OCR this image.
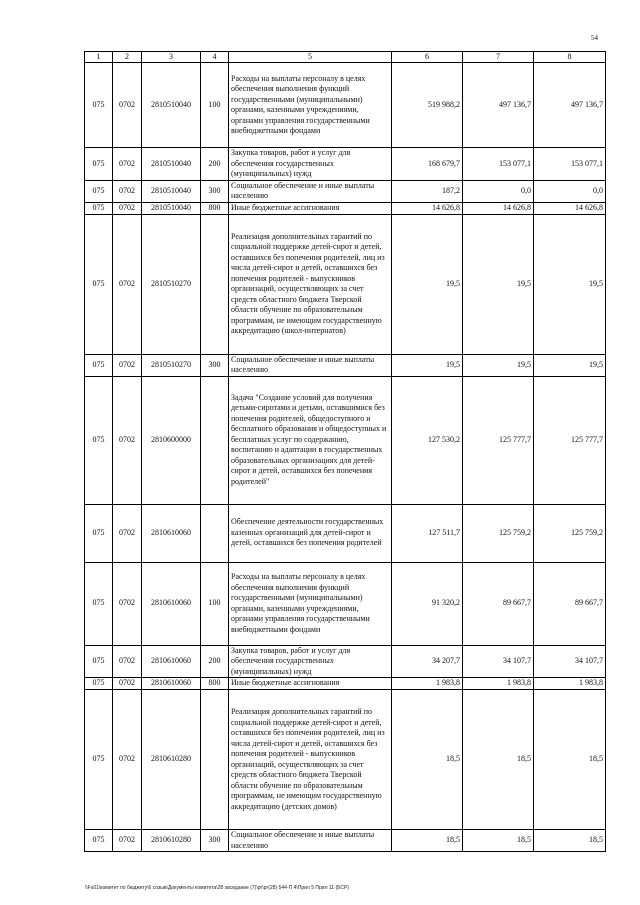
54
1	2	3	4	5	6	7	8
075	0702	2810510040	100	Расходы на выплаты персоналу в целях обеспечения выполнения функций государственными (муниципальными) органами, казенными учреждениями, органами управления государственными внебюджетными фондами	519 988,2	497 136,7	497 136,7
075	0702	2810510040	200	Закупка товаров, работ и услуг для обеспечения государственных (муниципальных) нужд	168 679,7	153 077,1	153 077,1
075	0702	2810510040	300	Социальное обеспечение и иные выплаты населению	187,2	0,0	0,0
075	0702	2810510040	800	Иные бюджетные ассигнования	14 626,8	14 626,8	14 626,8
075	0702	2810510270		Реализация дополнительных гарантий по социальной поддержке детей-сирот и детей, оставшихся без попечения родителей, лиц из числа детей-сирот и детей, оставшихся без попечения родителей - выпускников организаций, осуществляющих за счет средств областного бюджета Тверской области обучение по образовательным программам, не имеющим государственную аккредитацию (школ-интернатов)	19,5	19,5	19,5
075	0702	2810510270	300	Социальное обеспечение и иные выплаты населению	19,5	19,5	19,5
075	0702	2810600000		Задача "Создание условий для получения детьми-сиротами и детьми, оставшимися без попечения родителей, общедоступного и бесплатного образования и общедоступных и бесплатных услуг по содержанию, воспитанию и адаптации в государственных образовательных организациях для детей-сирот и детей, оставшихся без попечения родителей"	127 530,2	125 777,7	125 777,7
075	0702	2810610060		Обеспечение деятельности государственных казенных организаций для детей-сирот и детей, оставшихся без попечения родителей	127 511,7	125 759,2	125 759,2
075	0702	2810610060	100	Расходы на выплаты персоналу в целях обеспечения выполнения функций государственными (муниципальными) органами, казенными учреждениями, органами управления государственными внебюджетными фондами	91 320,2	89 667,7	89 667,7
075	0702	2810610060	200	Закупка товаров, работ и услуг для обеспечения государственных (муниципальных) нужд	34 207,7	34 107,7	34 107,7
075	0702	2810610060	800	Иные бюджетные ассигнования	1 983,8	1 983,8	1 983,8
075	0702	2810610280		Реализация дополнительных гарантий по социальной поддержке детей-сирот и детей, оставшихся без попечения родителей, лиц из числа детей-сирот и детей, оставшихся без попечения родителей - выпускников организаций, осуществляющих за счет средств областного бюджета Тверской области обучение по образовательным программам, не имеющим государственную аккредитацию (детских домов)	18,5	18,5	18,5
075	0702	2810610280	300	Социальное обеспечение и иные выплаты населению	18,5	18,5	18,5
\\Fs01\комитет по бюджету\6 созыв\Документы комитета\28 заседание (7)\рг\рг(28) 544-П 4\Прил 5 Прил 11 (БСР)
